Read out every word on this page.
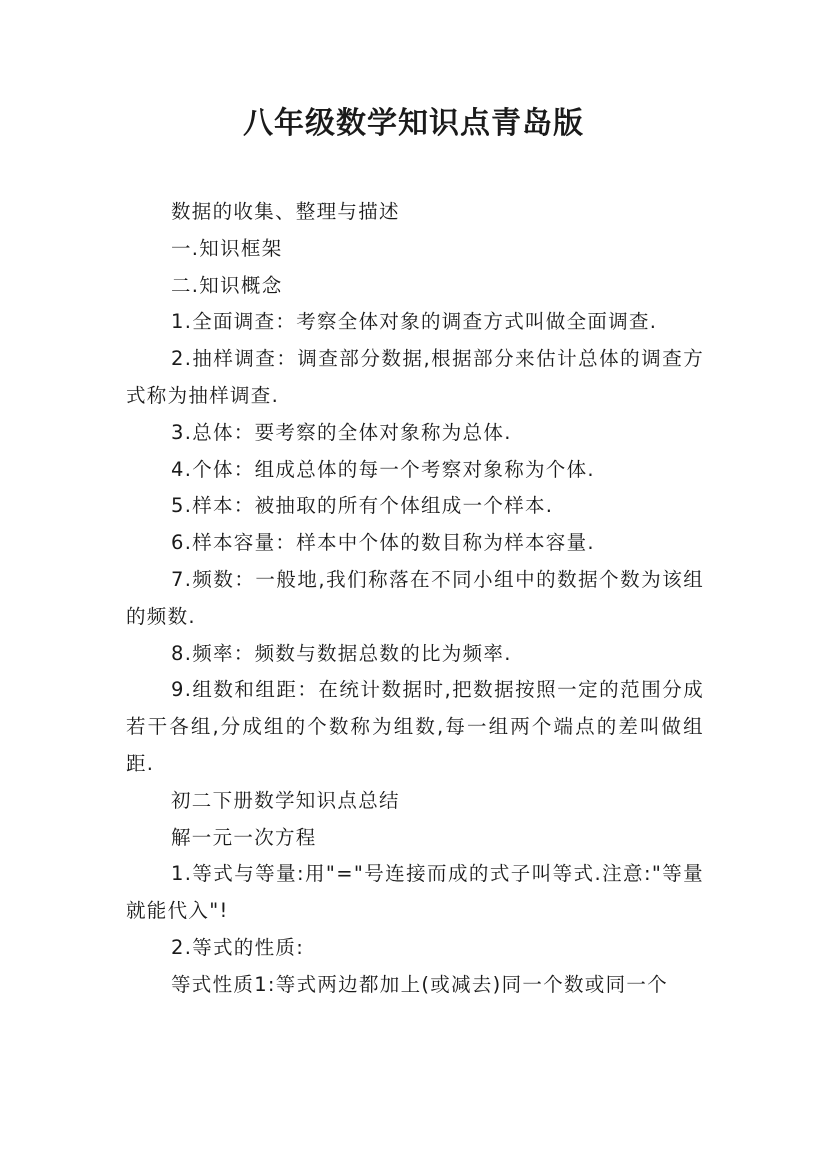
八年级数学知识点青岛版

数据的收集、整理与描述

一.知识框架

二.知识概念

1.全面调查：考察全体对象的调查方式叫做全面调查.

2.抽样调查：调查部分数据,根据部分来估计总体的调查方式称为抽样调查.

3.总体：要考察的全体对象称为总体.

4.个体：组成总体的每一个考察对象称为个体.

5.样本：被抽取的所有个体组成一个样本.

6.样本容量：样本中个体的数目称为样本容量.

7.频数：一般地,我们称落在不同小组中的数据个数为该组的频数.

8.频率：频数与数据总数的比为频率.

9.组数和组距：在统计数据时,把数据按照一定的范围分成若干各组,分成组的个数称为组数,每一组两个端点的差叫做组距.

初二下册数学知识点总结

解一元一次方程

1.等式与等量:用"="号连接而成的式子叫等式.注意:"等量就能代入"!

2.等式的性质:

等式性质1:等式两边都加上(或减去)同一个数或同一个
